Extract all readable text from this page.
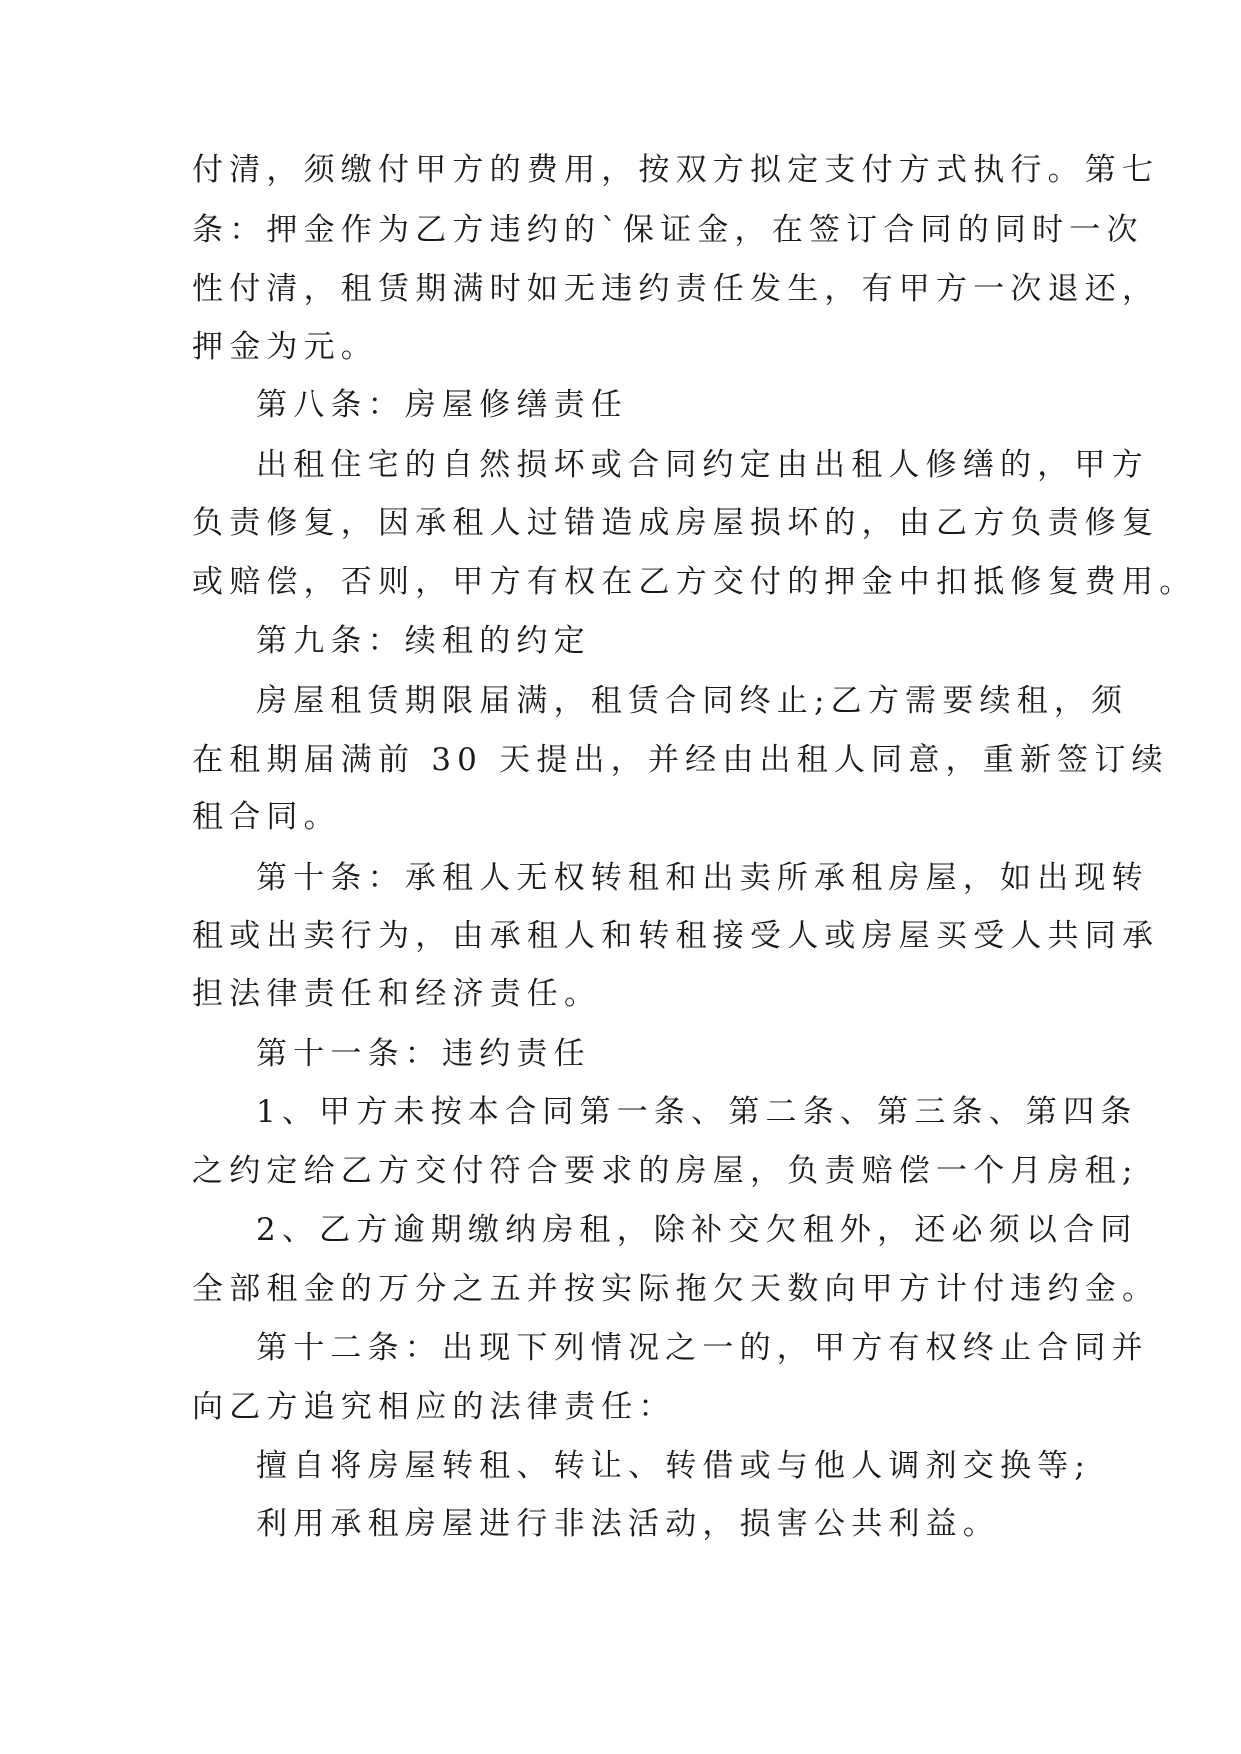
付清，须缴付甲方的费用，按双方拟定支付方式执行。第七
条：押金作为乙方违约的`保证金，在签订合同的同时一次
性付清，租赁期满时如无违约责任发生，有甲方一次退还，
押金为元。
第八条：房屋修缮责任
出租住宅的自然损坏或合同约定由出租人修缮的，甲方
负责修复，因承租人过错造成房屋损坏的，由乙方负责修复
或赔偿，否则，甲方有权在乙方交付的押金中扣抵修复费用。
第九条：续租的约定
房屋租赁期限届满，租赁合同终止;乙方需要续租，须
在租期届满前 30 天提出，并经由出租人同意，重新签订续
租合同。
第十条：承租人无权转租和出卖所承租房屋，如出现转
租或出卖行为，由承租人和转租接受人或房屋买受人共同承
担法律责任和经济责任。
第十一条：违约责任
1、甲方未按本合同第一条、第二条、第三条、第四条
之约定给乙方交付符合要求的房屋，负责赔偿一个月房租;
2、乙方逾期缴纳房租，除补交欠租外，还必须以合同
全部租金的万分之五并按实际拖欠天数向甲方计付违约金。
第十二条：出现下列情况之一的，甲方有权终止合同并
向乙方追究相应的法律责任：
擅自将房屋转租、转让、转借或与他人调剂交换等;
利用承租房屋进行非法活动，损害公共利益。
